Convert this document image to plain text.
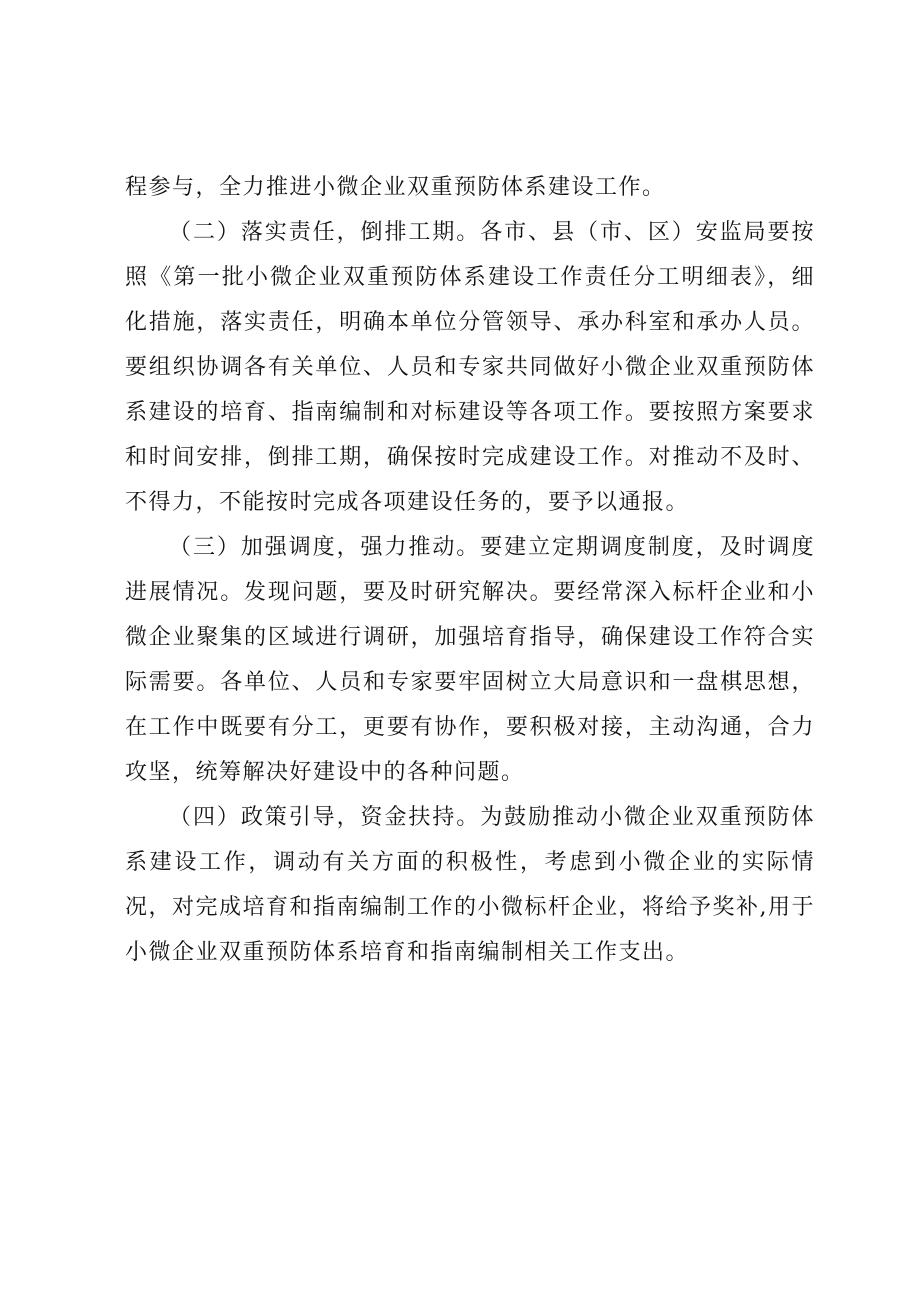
程参与，全力推进小微企业双重预防体系建设工作。

（二）落实责任，倒排工期。各市、县（市、区）安监局要按照《第一批小微企业双重预防体系建设工作责任分工明细表》，细化措施，落实责任，明确本单位分管领导、承办科室和承办人员。要组织协调各有关单位、人员和专家共同做好小微企业双重预防体系建设的培育、指南编制和对标建设等各项工作。要按照方案要求和时间安排，倒排工期，确保按时完成建设工作。对推动不及时、不得力，不能按时完成各项建设任务的，要予以通报。

（三）加强调度，强力推动。要建立定期调度制度，及时调度进展情况。发现问题，要及时研究解决。要经常深入标杆企业和小微企业聚集的区域进行调研，加强培育指导，确保建设工作符合实际需要。各单位、人员和专家要牢固树立大局意识和一盘棋思想，在工作中既要有分工，更要有协作，要积极对接，主动沟通，合力攻坚，统筹解决好建设中的各种问题。

（四）政策引导，资金扶持。为鼓励推动小微企业双重预防体系建设工作，调动有关方面的积极性，考虑到小微企业的实际情况，对完成培育和指南编制工作的小微标杆企业，将给予奖补,用于小微企业双重预防体系培育和指南编制相关工作支出。
